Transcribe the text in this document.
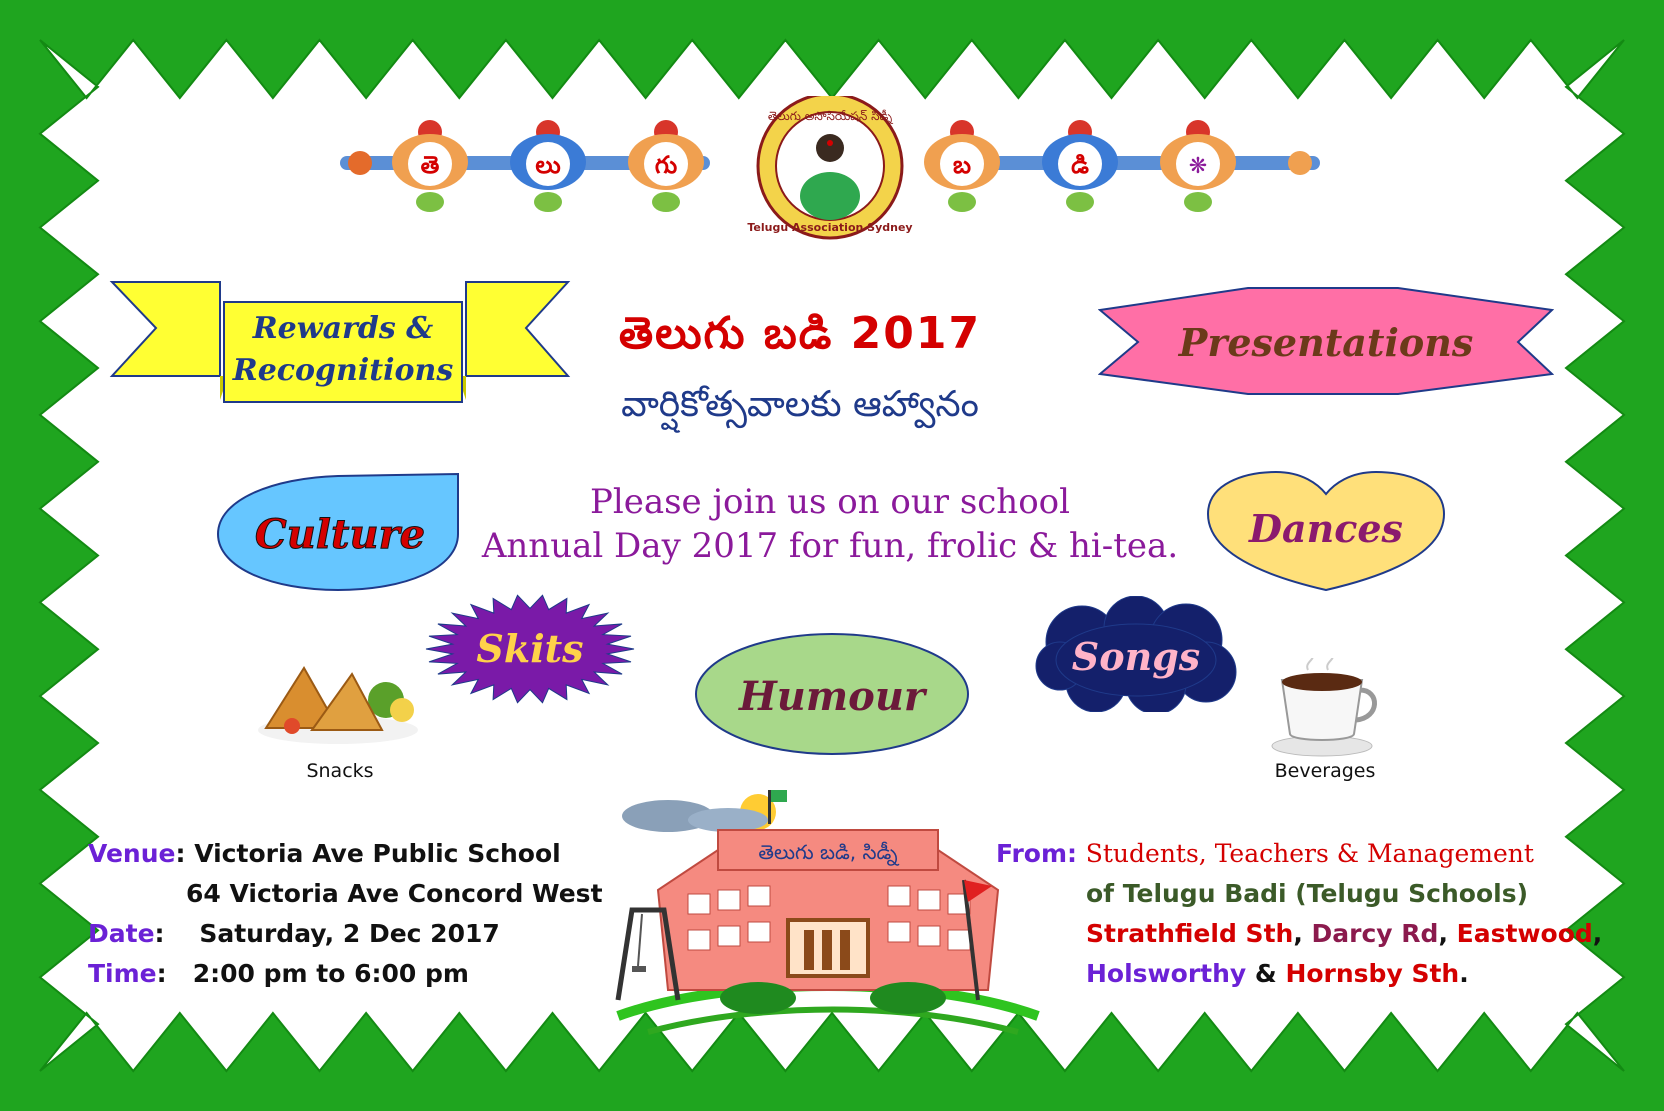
తె	లు	గు
తెలుగు అసోసియేషన్ సిడ్నీ
Telugu Association Sydney
బ	డి	❋
Rewards &
Recognitions
Presentations
Culture	Dances
Skits
Humour
Songs
తెలుగు బడి 2017
వార్షికోత్సవాలకు ఆహ్వానం
Please join us on our school
Annual Day 2017 for fun, frolic & hi-tea.
Snacks	Beverages
తెలుగు బడి, సిడ్నీ
Venue: Victoria Ave Public School
64 Victoria Ave Concord West
Date:    Saturday, 2 Dec 2017
Time:   2:00 pm to 6:00 pm
From: Students, Teachers & Management
of Telugu Badi (Telugu Schools)
Strathfield Sth, Darcy Rd, Eastwood,
Holsworthy & Hornsby Sth.
